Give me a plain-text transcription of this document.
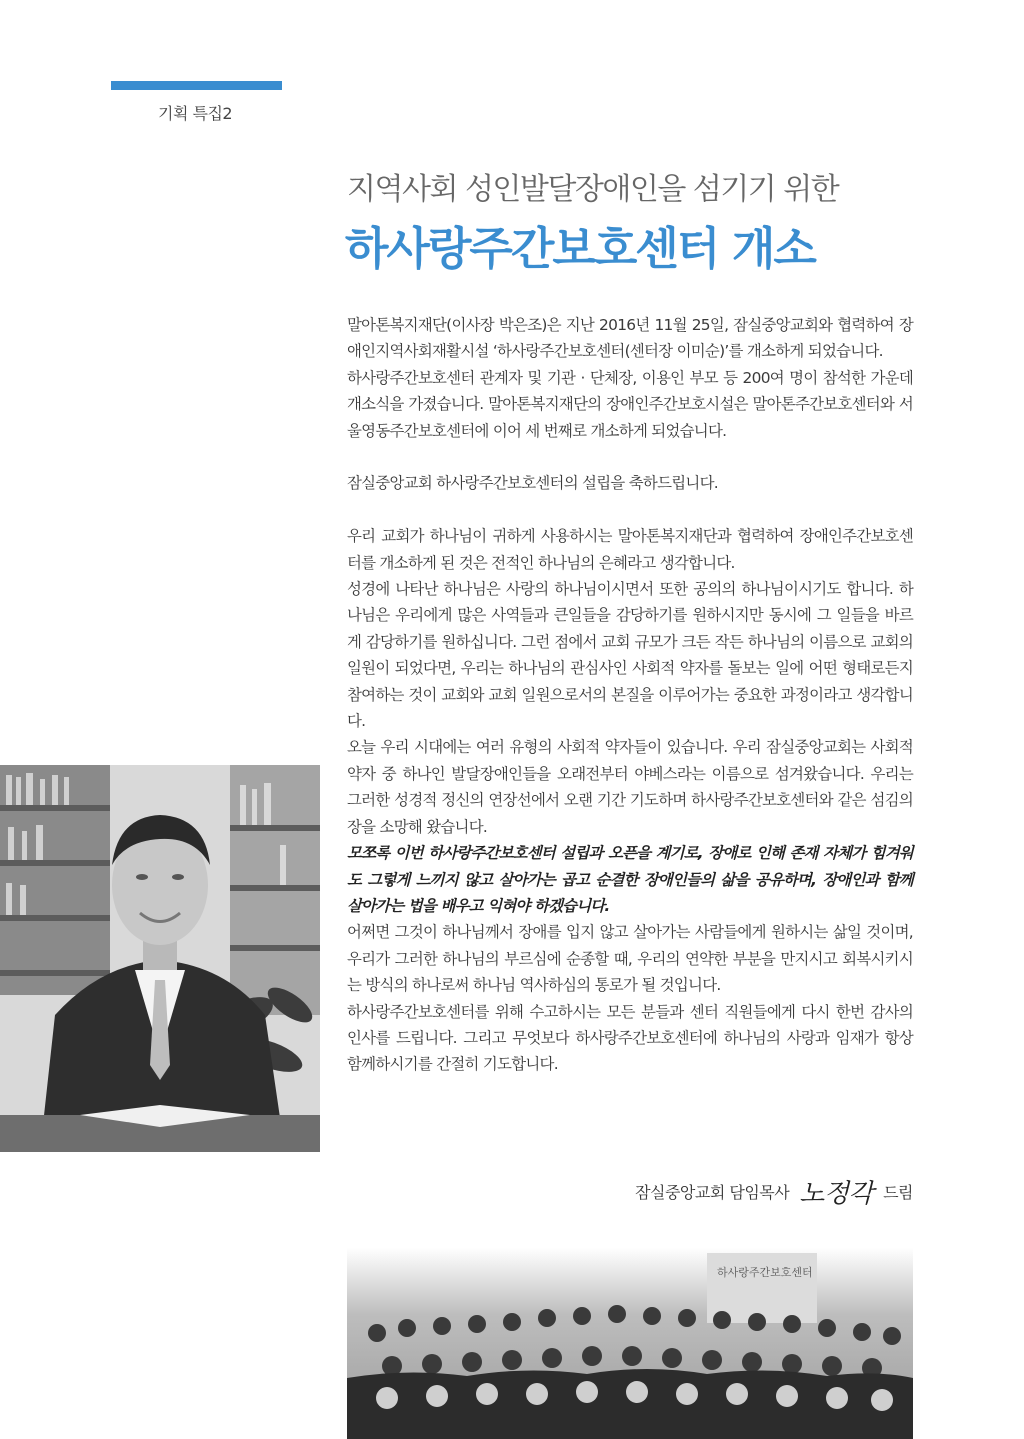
기획 특집2
지역사회 성인발달장애인을 섬기기 위한
하사랑주간보호센터 개소

말아톤복지재단(이사장 박은조)은 지난 2016년 11월 25일, 잠실중앙교회와 협력하여 장애인지역사회재활시설 ‘하사랑주간보호센터(센터장 이미순)’를 개소하게 되었습니다.

하사랑주간보호센터 관계자 및 기관 · 단체장, 이용인 부모 등 200여 명이 참석한 가운데 개소식을 가졌습니다. 말아톤복지재단의 장애인주간보호시설은 말아톤주간보호센터와 서울영동주간보호센터에 이어 세 번째로 개소하게 되었습니다.

잠실중앙교회 하사랑주간보호센터의 설립을 축하드립니다.

우리 교회가 하나님이 귀하게 사용하시는 말아톤복지재단과 협력하여 장애인주간보호센터를 개소하게 된 것은 전적인 하나님의 은혜라고 생각합니다.

성경에 나타난 하나님은 사랑의 하나님이시면서 또한 공의의 하나님이시기도 합니다. 하나님은 우리에게 많은 사역들과 큰일들을 감당하기를 원하시지만 동시에 그 일들을 바르게 감당하기를 원하십니다. 그런 점에서 교회 규모가 크든 작든 하나님의 이름으로 교회의 일원이 되었다면, 우리는 하나님의 관심사인 사회적 약자를 돌보는 일에 어떤 형태로든지 참여하는 것이 교회와 교회 일원으로서의 본질을 이루어가는 중요한 과정이라고 생각합니다.

오늘 우리 시대에는 여러 유형의 사회적 약자들이 있습니다. 우리 잠실중앙교회는 사회적 약자 중 하나인 발달장애인들을 오래전부터 야베스라는 이름으로 섬겨왔습니다. 우리는 그러한 성경적 정신의 연장선에서 오랜 기간 기도하며 하사랑주간보호센터와 같은 섬김의 장을 소망해 왔습니다.

모쪼록 이번 하사랑주간보호센터 설립과 오픈을 계기로, 장애로 인해 존재 자체가 힘겨워도 그렇게 느끼지 않고 살아가는 곱고 순결한 장애인들의 삶을 공유하며, 장애인과 함께 살아가는 법을 배우고 익혀야 하겠습니다.

어쩌면 그것이 하나님께서 장애를 입지 않고 살아가는 사람들에게 원하시는 삶일 것이며, 우리가 그러한 하나님의 부르심에 순종할 때, 우리의 연약한 부분을 만지시고 회복시키시는 방식의 하나로써 하나님 역사하심의 통로가 될 것입니다.

하사랑주간보호센터를 위해 수고하시는 모든 분들과 센터 직원들에게 다시 한번 감사의 인사를 드립니다. 그리고 무엇보다 하사랑주간보호센터에 하나님의 사랑과 임재가 항상 함께하시기를 간절히 기도합니다.

잠실중앙교회 담임목사 노정각 드림
하사랑주간보호센터
